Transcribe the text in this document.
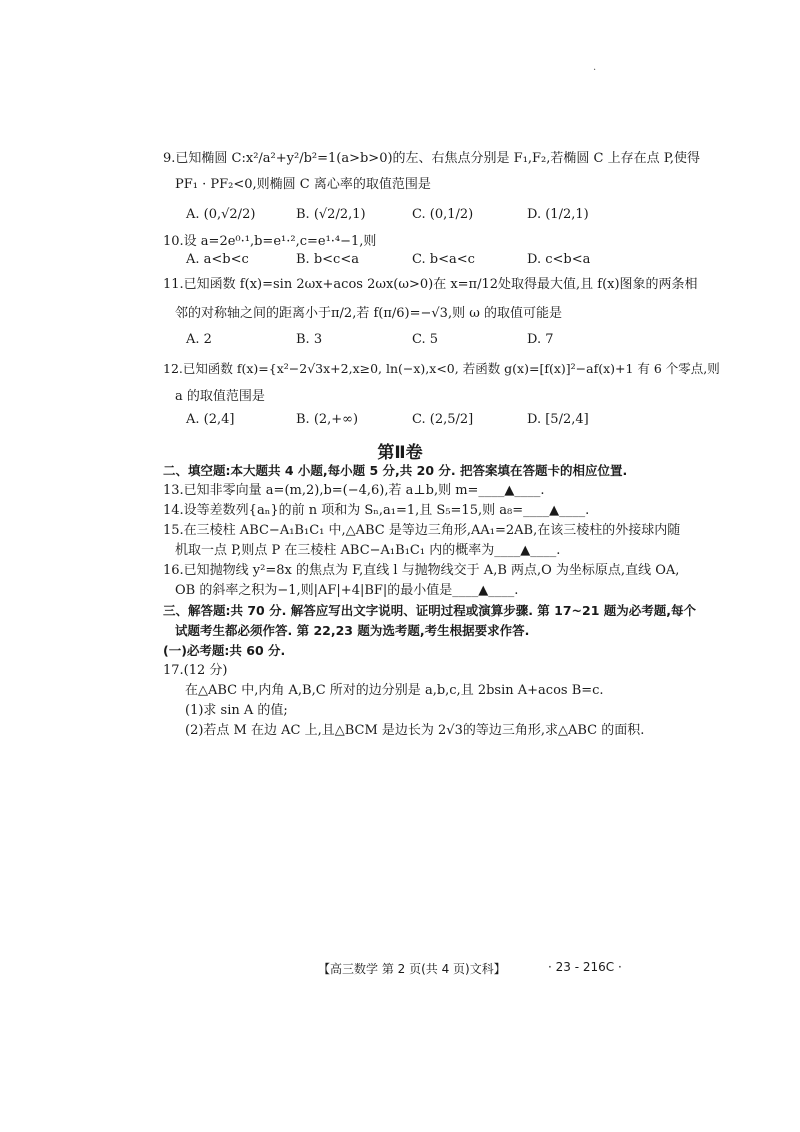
.
9.已知椭圆 C:x²/a²+y²/b²=1(a>b>0)的左、右焦点分别是 F₁,F₂,若椭圆 C 上存在点 P,使得
PF₁ · PF₂<0,则椭圆 C 离心率的取值范围是
A. (0,√2/2)	B. (√2/2,1)	C. (0,1/2)	D. (1/2,1)
10.设 a=2e⁰·¹,b=e¹·²,c=e¹·⁴−1,则
A. a<b<c	B. b<c<a	C. b<a<c	D. c<b<a
11.已知函数 f(x)=sin 2ωx+acos 2ωx(ω>0)在 x=π/12处取得最大值,且 f(x)图象的两条相
邻的对称轴之间的距离小于π/2,若 f(π/6)=−√3,则 ω 的取值可能是
A. 2	B. 3	C. 5	D. 7
12.已知函数 f(x)={x²−2√3x+2,x≥0, ln(−x),x<0, 若函数 g(x)=[f(x)]²−af(x)+1 有 6 个零点,则
a 的取值范围是
A. (2,4]	B. (2,+∞)	C. (2,5/2]	D. [5/2,4]
第Ⅱ卷
二、填空题:本大题共 4 小题,每小题 5 分,共 20 分. 把答案填在答题卡的相应位置.
13.已知非零向量 a=(m,2),b=(−4,6),若 a⊥b,则 m=____▲____.
14.设等差数列{aₙ}的前 n 项和为 Sₙ,a₁=1,且 S₅=15,则 a₈=____▲____.
15.在三棱柱 ABC−A₁B₁C₁ 中,△ABC 是等边三角形,AA₁=2AB,在该三棱柱的外接球内随
机取一点 P,则点 P 在三棱柱 ABC−A₁B₁C₁ 内的概率为____▲____.
16.已知抛物线 y²=8x 的焦点为 F,直线 l 与抛物线交于 A,B 两点,O 为坐标原点,直线 OA,
OB 的斜率之积为−1,则|AF|+4|BF|的最小值是____▲____.
三、解答题:共 70 分. 解答应写出文字说明、证明过程或演算步骤. 第 17~21 题为必考题,每个
试题考生都必须作答. 第 22,23 题为选考题,考生根据要求作答.
(一)必考题:共 60 分.
17.(12 分)
在△ABC 中,内角 A,B,C 所对的边分别是 a,b,c,且 2bsin A+acos B=c.
(1)求 sin A 的值;
(2)若点 M 在边 AC 上,且△BCM 是边长为 2√3的等边三角形,求△ABC 的面积.
【高三数学 第 2 页(共 4 页)文科】	· 23 - 216C ·
